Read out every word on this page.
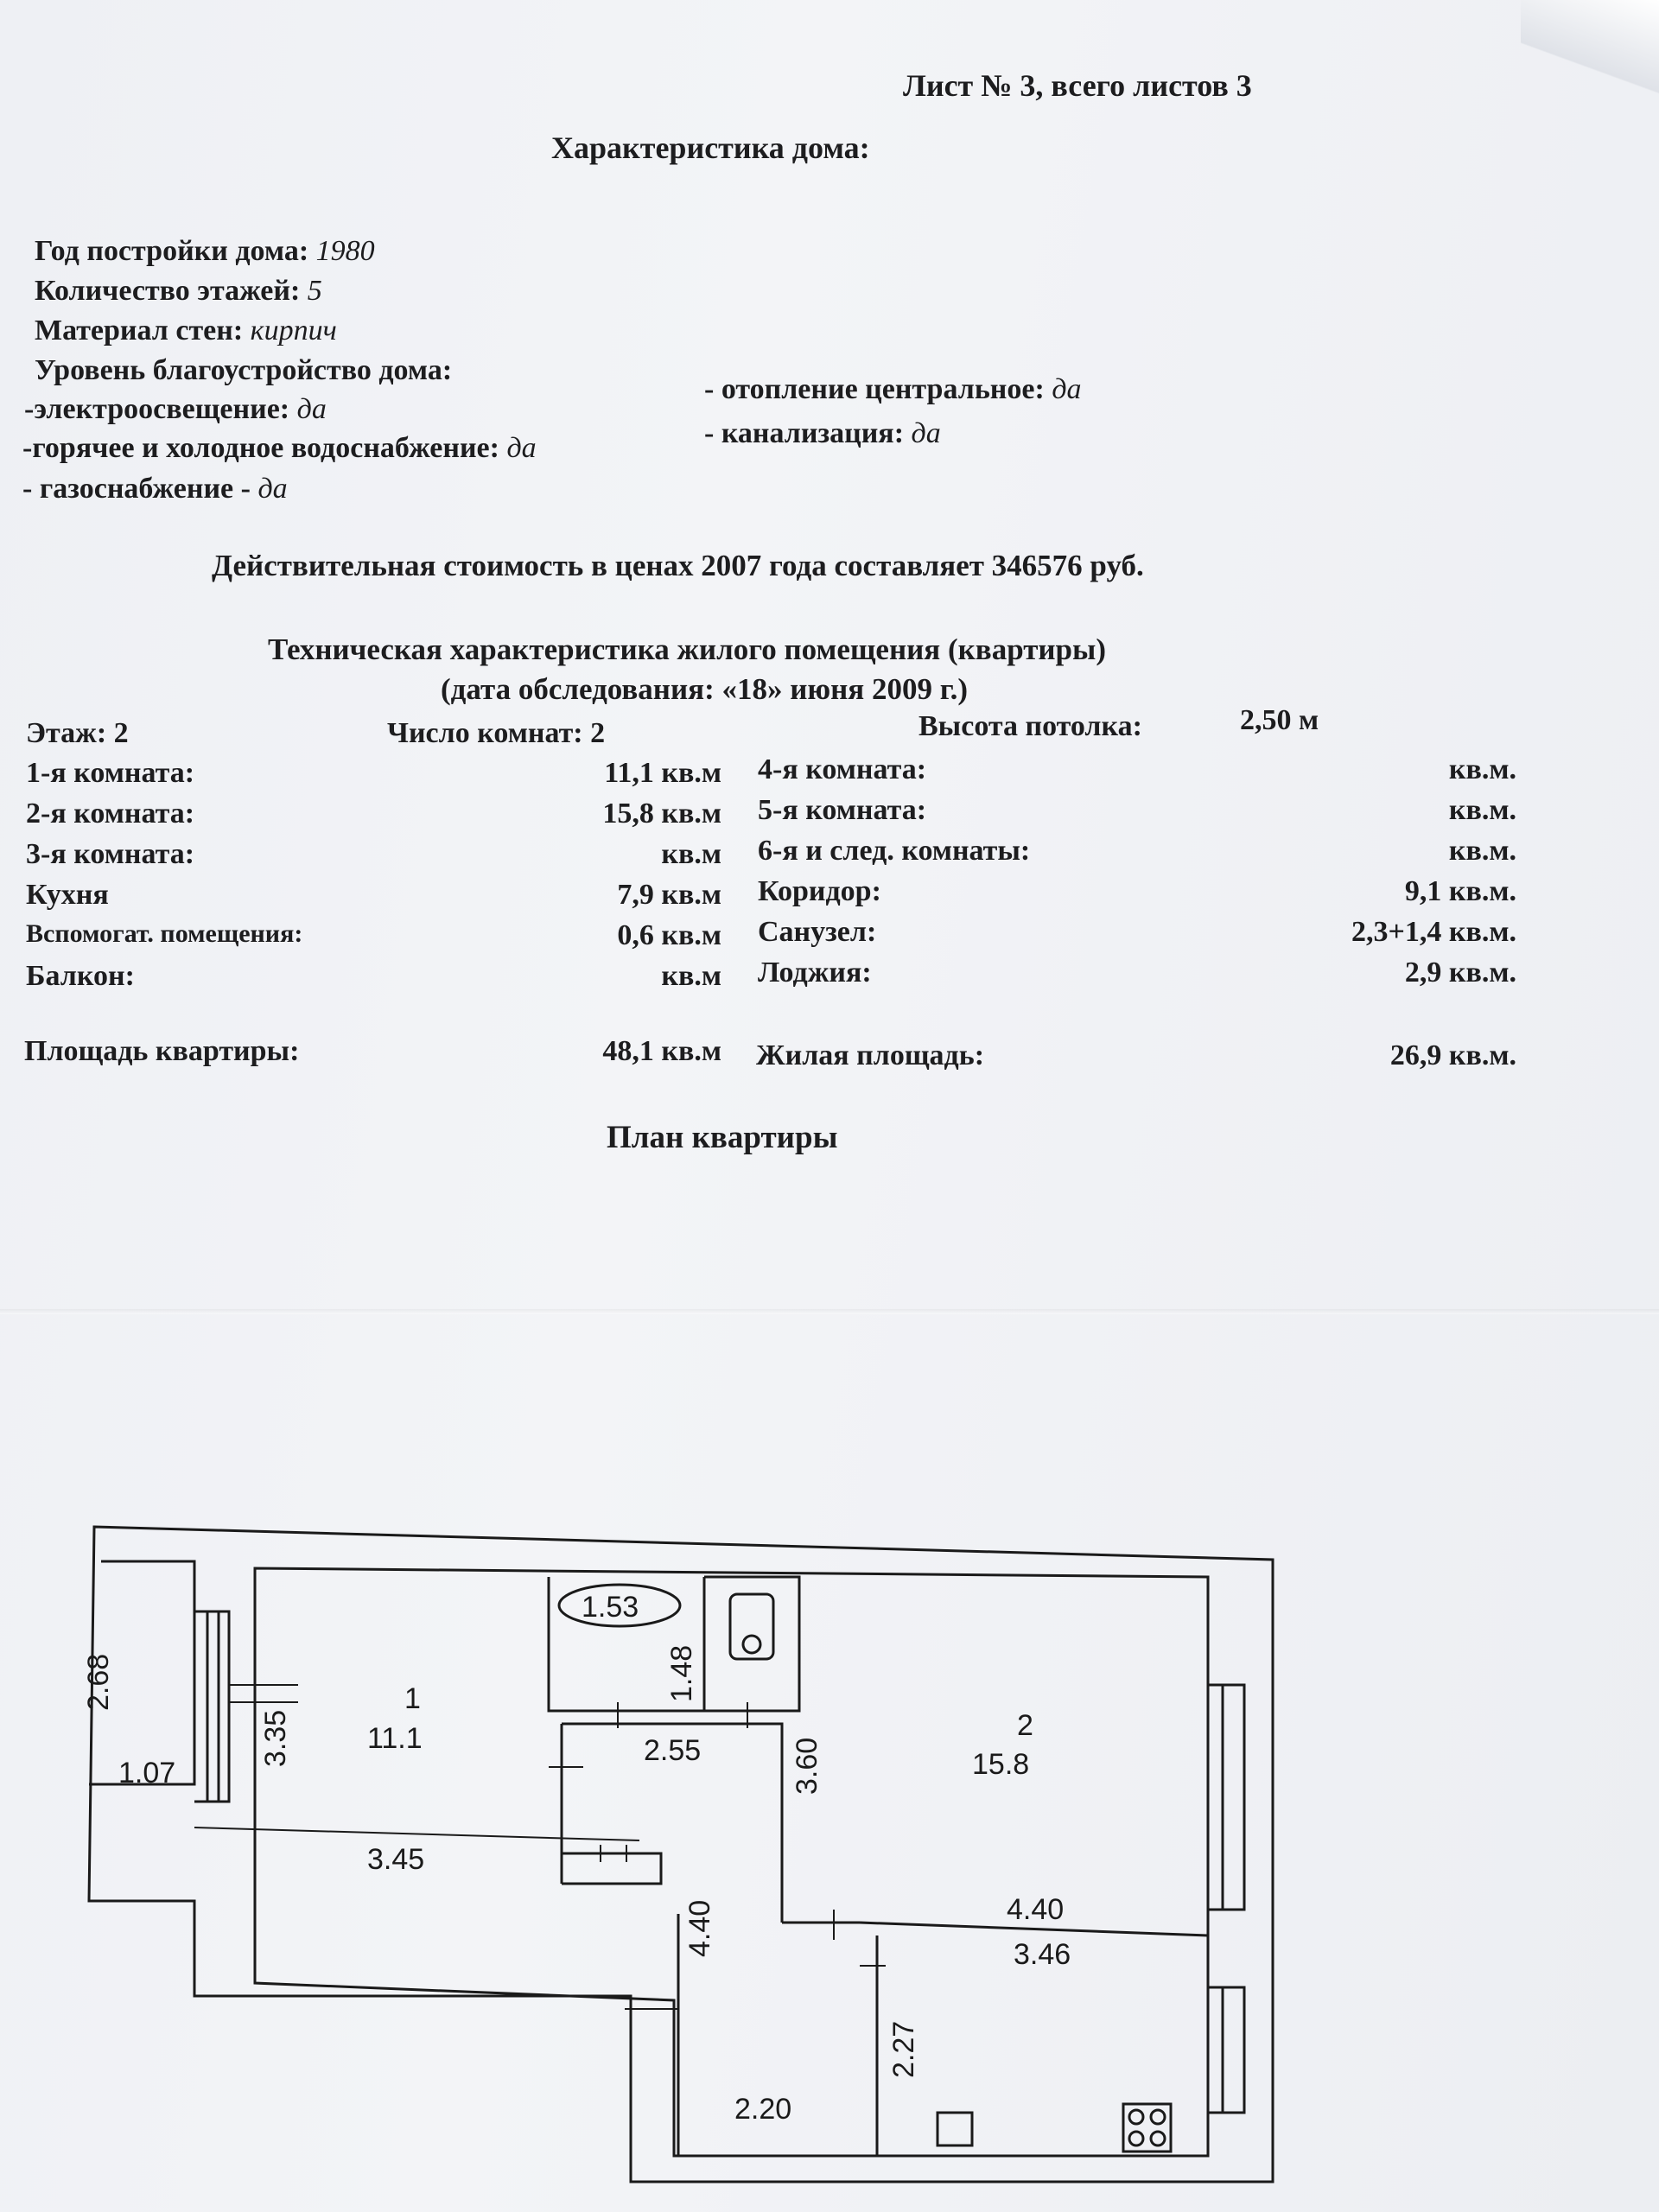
Лист № 3, всего листов 3
Характеристика дома:
Год постройки дома: 1980
Количество этажей: 5
Материал стен: кирпич
Уровень благоустройство дома:
-электроосвещение: да
-горячее и холодное водоснабжение: да
- газоснабжение - да
- отопление центральное: да
- канализация: да
Действительная стоимость в ценах 2007 года составляет 346576 руб.
Техническая характеристика жилого помещения (квартиры)
(дата обследования: «18» июня 2009 г.)
Этаж: 2	Число комнат: 2	Высота потолка:	2,50 м
1-я комната:	11,1 кв.м
2-я комната:	15,8 кв.м
3-я комната:	кв.м
Кухня	7,9 кв.м
Вспомогат. помещения:	0,6 кв.м
Балкон:	кв.м
4-я комната:	кв.м.
5-я комната:	кв.м.
6-я и след. комнаты:	кв.м.
Коридор:	9,1 кв.м.
Санузел:	2,3+1,4 кв.м.
Лоджия:	2,9 кв.м.
Площадь квартиры:	48,1 кв.м Жилая площадь:	26,9 кв.м.
План квартиры
2.68
1.07
1
11.1
3.35
3.45
1.53
1.48
2.55
2
15.8
3.60
4.40
4.40
2.20
3.46
2.27
